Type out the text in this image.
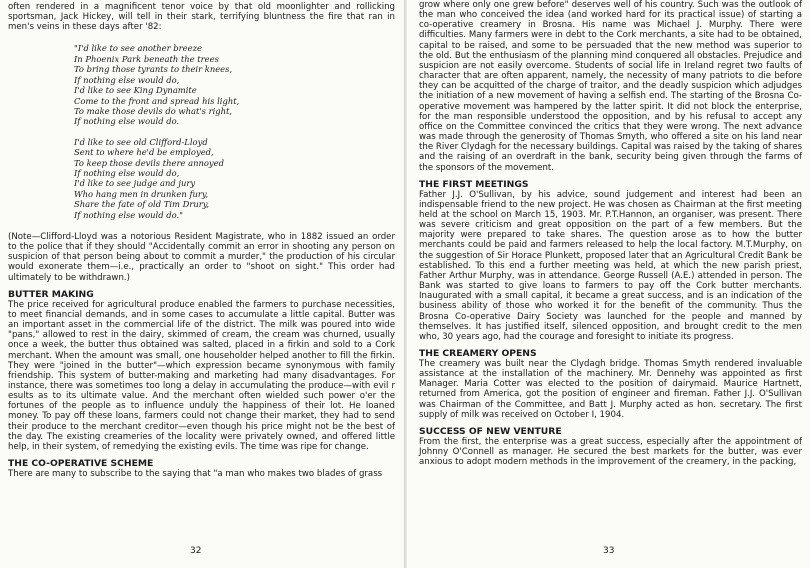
often rendered in a magnificent tenor voice by that old moonlighter and rollicking sportsman, Jack Hickey, will tell in their stark, terrifying bluntness the fire that ran in men's veins in these days after '82:

"I'd like to see another breeze
In Phoenix Park beneath the trees
To bring those tyrants to their knees,
If nothing else would do,
I'd like to see King Dynamite
Come to the front and spread his light,
To make those devils do what's right,
If nothing else would do.
I'd like to see old Clifford-Lloyd
Sent to where he'd be employed,
To keep those devils there annoyed
If nothing else would do,
I'd like to see judge and jury
Who hang men in drunken fury,
Share the fate of old Tim Drury,
If nothing else would do."

(Note—Clifford-Lloyd was a notorious Resident Magistrate, who in 1882 issued an order to the police that if they should "Accidentally commit an error in shooting any person on suspicion of that person being about to commit a murder," the production of his circular would exonerate them—i.e., practically an order to "shoot on sight." This order had ultimately to be withdrawn.)

BUTTER MAKING

The price received for agricultural produce enabled the farmers to purchase necessities, to meet financial demands, and in some cases to accumulate a little capital. Butter was an important asset in the commercial life of the district. The milk was poured into wide "pans," allowed to rest in the dairy, skimmed of cream, the cream was churned, usually once a week, the butter thus obtained was salted, placed in a firkin and sold to a Cork merchant. When the amount was small, one householder helped another to fill the firkin. They were "joined in the butter"—which expression became synonymous with family friendship. This system of butter-making and marketing had many disadvantages. For instance, there was sometimes too long a delay in accumulating the produce—with evil r esults as to its ultimate value. And the merchant often wielded such power o'er the fortunes of the people as to influence unduly the happiness of their lot. He loaned money. To pay off these loans, farmers could not change their market, they had to send their produce to the merchant creditor—even though his price might not be the best of the day. The existing creameries of the locality were privately owned, and offered little help, in their system, of remedying the existing evils. The time was ripe for change.

THE CO-OPERATIVE SCHEME

There are many to subscribe to the saying that "a man who makes two blades of grass

32

grow where only one grew before" deserves well of his country. Such was the outlook of the man who conceived the idea (and worked hard for its practical issue) of starting a co-operative creamery in Brosna. His name was Michael J. Murphy. There were difficulties. Many farmers were in debt to the Cork merchants, a site had to be obtained, capital to be raised, and some to be persuaded that the new method was superior to the old. But the enthusiasm of the planning mind conquered all obstacles. Prejudice and suspicion are not easily overcome. Students of social life in Ireland regret two faults of character that are often apparent, namely, the necessity of many patriots to die before they can be acquitted of the charge of traitor, and the deadly suspicion which adjudges the initiation of a new movement of having a selfish end. The starting of the Brosna Co-operative movement was hampered by the latter spirit. It did not block the enterprise, for the man responsible understood the opposition, and by his refusal to accept any office on the Committee convinced the critics that they were wrong. The next advance was made through the generosity of Thomas Smyth, who offered a site on his land near the River Clydagh for the necessary buildings. Capital was raised by the taking of shares and the raising of an overdraft in the bank, security being given through the farms of the sponsors of the movement.

THE FIRST MEETINGS

Father J.J. O'Sullivan, by his advice, sound judgement and interest had been an indispensable friend to the new project. He was chosen as Chairman at the first meeting held at the school on March 15, 1903. Mr. P.T.Hannon, an organiser, was present. There was severe criticism and great opposition on the part of a few members. But the majority were prepared to take shares. The question arose as to how the butter merchants could be paid and farmers released to help the local factory. M.T.Murphy, on the suggestion of Sir Horace Plunkett, proposed later that an Agricultural Credit Bank be established. To this end a further meeting was held, at which the new parish priest, Father Arthur Murphy, was in attendance. George Russell (A.E.) attended in person. The Bank was started to give loans to farmers to pay off the Cork butter merchants. Inaugurated with a small capital, it became a great success, and is an indication of the business ability of those who worked it for the benefit of the community. Thus the Brosna Co-operative Dairy Society was launched for the people and manned by themselves. It has justified itself, silenced opposition, and brought credit to the men who, 30 years ago, had the courage and foresight to initiate its progress.

THE CREAMERY OPENS

The creamery was built near the Clydagh bridge. Thomas Smyth rendered invaluable assistance at the installation of the machinery. Mr. Dennehy was appointed as first Manager. Maria Cotter was elected to the position of dairymaid. Maurice Hartnett, returned from America, got the position of engineer and fireman. Father J.J. O'Sullivan was Chairman of the Committee, and Batt J. Murphy acted as hon. secretary. The first supply of milk was received on October I, 1904.

SUCCESS OF NEW VENTURE

From the first, the enterprise was a great success, especially after the appointment of Johnny O'Connell as manager. He secured the best markets for the butter, was ever anxious to adopt modern methods in the improvement of the creamery, in the packing,

33
